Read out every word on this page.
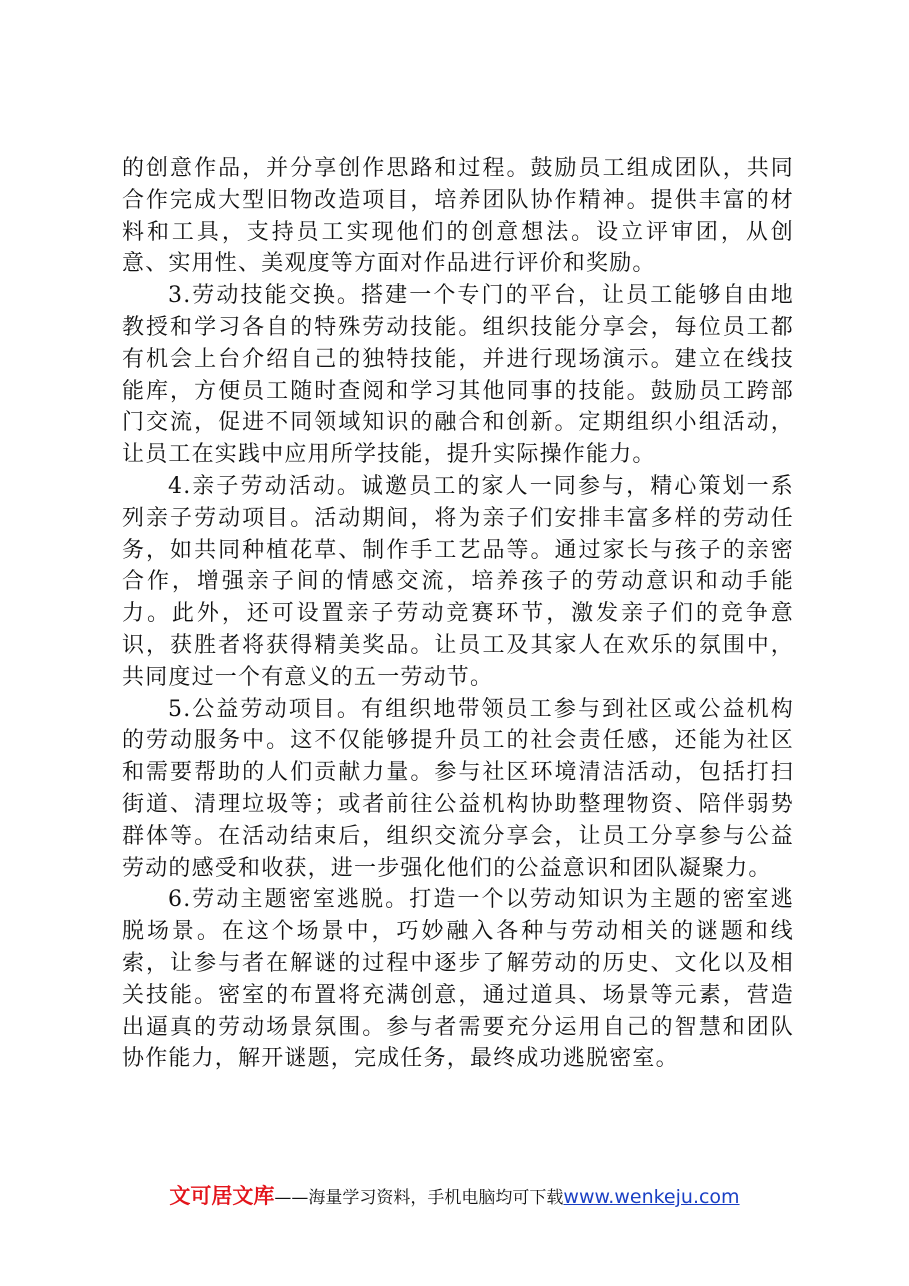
的创意作品，并分享创作思路和过程。鼓励员工组成团队，共同合作完成大型旧物改造项目，培养团队协作精神。提供丰富的材料和工具，支持员工实现他们的创意想法。设立评审团，从创意、实用性、美观度等方面对作品进行评价和奖励。

3.劳动技能交换。搭建一个专门的平台，让员工能够自由地教授和学习各自的特殊劳动技能。组织技能分享会，每位员工都有机会上台介绍自己的独特技能，并进行现场演示。建立在线技能库，方便员工随时查阅和学习其他同事的技能。鼓励员工跨部门交流，促进不同领域知识的融合和创新。定期组织小组活动，让员工在实践中应用所学技能，提升实际操作能力。

4.亲子劳动活动。诚邀员工的家人一同参与，精心策划一系列亲子劳动项目。活动期间，将为亲子们安排丰富多样的劳动任务，如共同种植花草、制作手工艺品等。通过家长与孩子的亲密合作，增强亲子间的情感交流，培养孩子的劳动意识和动手能力。此外，还可设置亲子劳动竞赛环节，激发亲子们的竞争意识，获胜者将获得精美奖品。让员工及其家人在欢乐的氛围中，共同度过一个有意义的五一劳动节。

5.公益劳动项目。有组织地带领员工参与到社区或公益机构的劳动服务中。这不仅能够提升员工的社会责任感，还能为社区和需要帮助的人们贡献力量。参与社区环境清洁活动，包括打扫街道、清理垃圾等；或者前往公益机构协助整理物资、陪伴弱势群体等。在活动结束后，组织交流分享会，让员工分享参与公益劳动的感受和收获，进一步强化他们的公益意识和团队凝聚力。

6.劳动主题密室逃脱。打造一个以劳动知识为主题的密室逃脱场景。在这个场景中，巧妙融入各种与劳动相关的谜题和线索，让参与者在解谜的过程中逐步了解劳动的历史、文化以及相关技能。密室的布置将充满创意，通过道具、场景等元素，营造出逼真的劳动场景氛围。参与者需要充分运用自己的智慧和团队协作能力，解开谜题，完成任务，最终成功逃脱密室。

文可居文库——海量学习资料，手机电脑均可下载www.wenkeju.com
